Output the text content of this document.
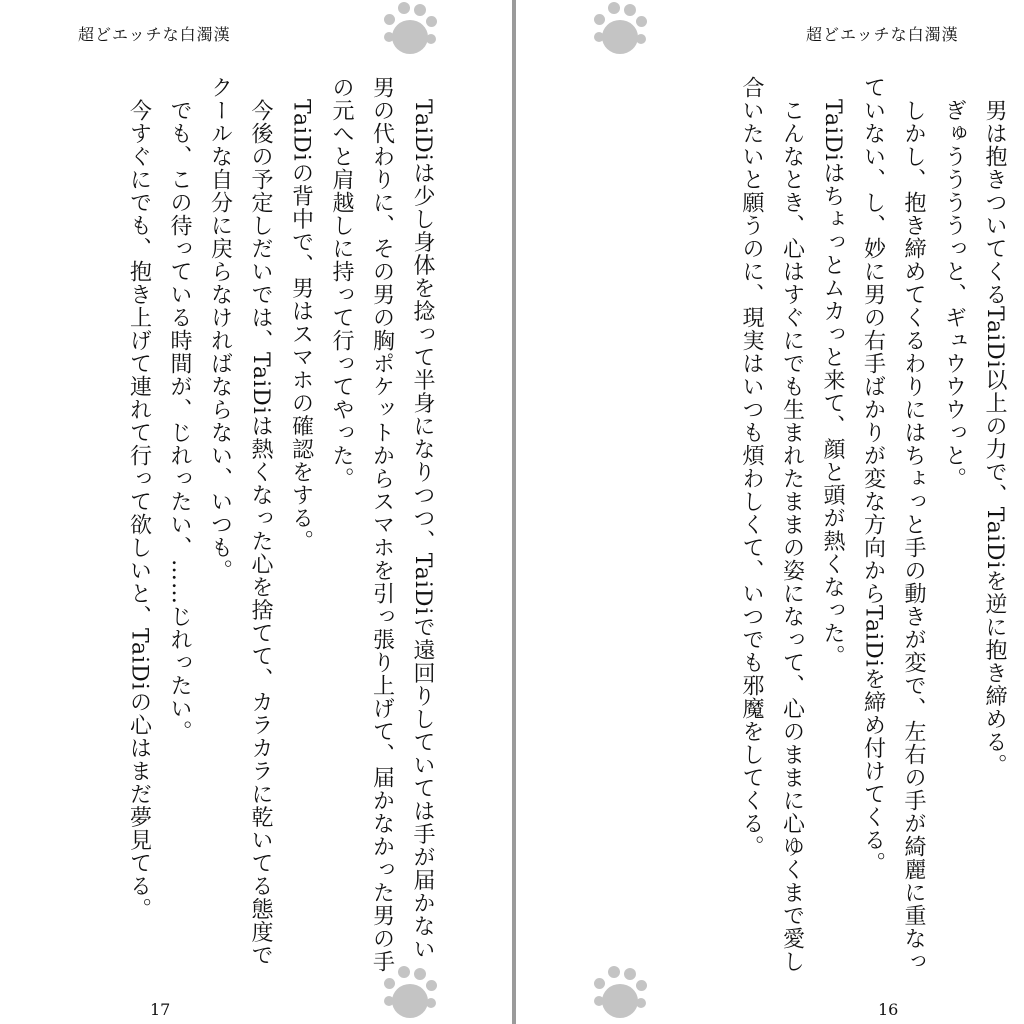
超どエッチな白濁漢

　TaiDiは少し身体を捻って半身になりつつ、TaiDiで遠回りしていては手が届かない男の代わりに、その男の胸ポケットからスマホを引っ張り上げて、届かなかった男の手の元へと肩越しに持って行ってやった。

　TaiDiの背中で、男はスマホの確認をする。

　今後の予定しだいでは、TaiDiは熱くなった心を捨てて、カラカラに乾いてる態度でクールな自分に戻らなければならない、いつも。

　でも、この待っている時間が、じれったい、……じれったい。

　今すぐにでも、抱き上げて連れて行って欲しいと、TaiDiの心はまだ夢見てる。

17
超どエッチな白濁漢

　男は抱きついてくるTaiDi以上の力で、TaiDiを逆に抱き締める。

　ぎゅううううっと、ギュウウウっと。

　しかし、抱き締めてくるわりにはちょっと手の動きが変で、左右の手が綺麗に重なっていない、し、妙に男の右手ばかりが変な方向からTaiDiを締め付けてくる。

　TaiDiはちょっとムカっと来て、顔と頭が熱くなった。

　こんなとき、心はすぐにでも生まれたままの姿になって、心のままに心ゆくまで愛し合いたいと願うのに、現実はいつも煩わしくて、いつでも邪魔をしてくる。

16
